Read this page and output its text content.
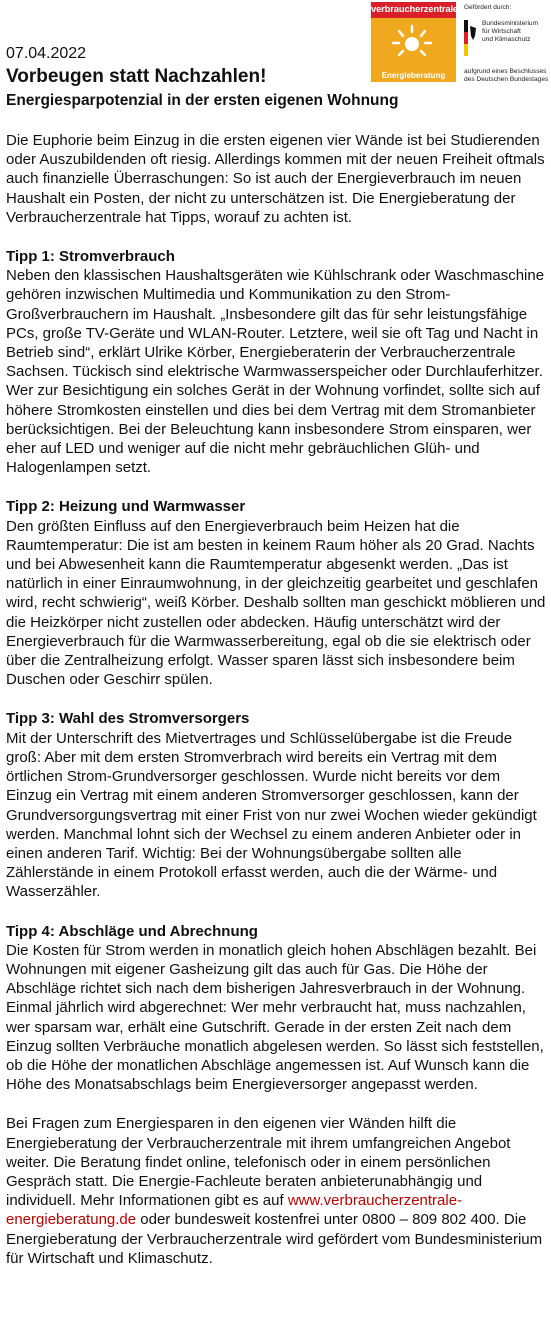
verbraucherzentrale
Energieberatung
Gefördert durch:
Bundesministerium
für Wirtschaft
und Klimaschutz
aufgrund eines Beschlusses
des Deutschen Bundestages
07.04.2022
Vorbeugen statt Nachzahlen!
Energiesparpotenzial in der ersten eigenen Wohnung

Die Euphorie beim Einzug in die ersten eigenen vier Wände ist bei Studierenden oder Auszubildenden oft riesig. Allerdings kommen mit der neuen Freiheit oftmals auch finanzielle Überraschungen: So ist auch der Energieverbrauch im neuen Haushalt ein Posten, der nicht zu unterschätzen ist. Die Energieberatung der Verbraucherzentrale hat Tipps, worauf zu achten ist.

Tipp 1: Stromverbrauch

Neben den klassischen Haushaltsgeräten wie Kühlschrank oder Waschmaschine gehören inzwischen Multimedia und Kommunikation zu den Strom-Großverbrauchern im Haushalt. „Insbesondere gilt das für sehr leistungsfähige PCs, große TV-Geräte und WLAN-Router. Letztere, weil sie oft Tag und Nacht in Betrieb sind“, erklärt Ulrike Körber, Energieberaterin der Verbraucherzentrale Sachsen. Tückisch sind elektrische Warmwasserspeicher oder Durchlauferhitzer. Wer zur Besichtigung ein solches Gerät in der Wohnung vorfindet, sollte sich auf höhere Stromkosten einstellen und dies bei dem Vertrag mit dem Stromanbieter berücksichtigen. Bei der Beleuchtung kann insbesondere Strom einsparen, wer eher auf LED und weniger auf die nicht mehr gebräuchlichen Glüh- und Halogenlampen setzt.

Tipp 2: Heizung und Warmwasser

Den größten Einfluss auf den Energieverbrauch beim Heizen hat die Raumtemperatur: Die ist am besten in keinem Raum höher als 20 Grad. Nachts und bei Abwesenheit kann die Raumtemperatur abgesenkt werden. „Das ist natürlich in einer Einraumwohnung, in der gleichzeitig gearbeitet und geschlafen wird, recht schwierig“, weiß Körber. Deshalb sollten man geschickt möblieren und die Heizkörper nicht zustellen oder abdecken. Häufig unterschätzt wird der Energieverbrauch für die Warmwasserbereitung, egal ob die sie elektrisch oder über die Zentralheizung erfolgt. Wasser sparen lässt sich insbesondere beim Duschen oder Geschirr spülen.

Tipp 3: Wahl des Stromversorgers

Mit der Unterschrift des Mietvertrages und Schlüsselübergabe ist die Freude groß: Aber mit dem ersten Stromverbrach wird bereits ein Vertrag mit dem örtlichen Strom-Grundversorger geschlossen. Wurde nicht bereits vor dem Einzug ein Vertrag mit einem anderen Stromversorger geschlossen, kann der Grundversorgungsvertrag mit einer Frist von nur zwei Wochen wieder gekündigt werden. Manchmal lohnt sich der Wechsel zu einem anderen Anbieter oder in einen anderen Tarif. Wichtig: Bei der Wohnungsübergabe sollten alle Zählerstände in einem Protokoll erfasst werden, auch die der Wärme- und Wasserzähler.

Tipp 4: Abschläge und Abrechnung

Die Kosten für Strom werden in monatlich gleich hohen Abschlägen bezahlt. Bei Wohnungen mit eigener Gasheizung gilt das auch für Gas. Die Höhe der Abschläge richtet sich nach dem bisherigen Jahresverbrauch in der Wohnung. Einmal jährlich wird abgerechnet: Wer mehr verbraucht hat, muss nachzahlen, wer sparsam war, erhält eine Gutschrift. Gerade in der ersten Zeit nach dem Einzug sollten Verbräuche monatlich abgelesen werden. So lässt sich feststellen, ob die Höhe der monatlichen Abschläge angemessen ist. Auf Wunsch kann die Höhe des Monatsabschlags beim Energieversorger angepasst werden.

Bei Fragen zum Energiesparen in den eigenen vier Wänden hilft die Energieberatung der Verbraucherzentrale mit ihrem umfangreichen Angebot weiter. Die Beratung findet online, telefonisch oder in einem persönlichen Gespräch statt. Die Energie-Fachleute beraten anbieterunabhängig und individuell. Mehr Informationen gibt es auf www.verbraucherzentrale-energieberatung.de oder bundesweit kostenfrei unter 0800 – 809 802 400. Die Energieberatung der Verbraucherzentrale wird gefördert vom Bundesministerium für Wirtschaft und Klimaschutz.
